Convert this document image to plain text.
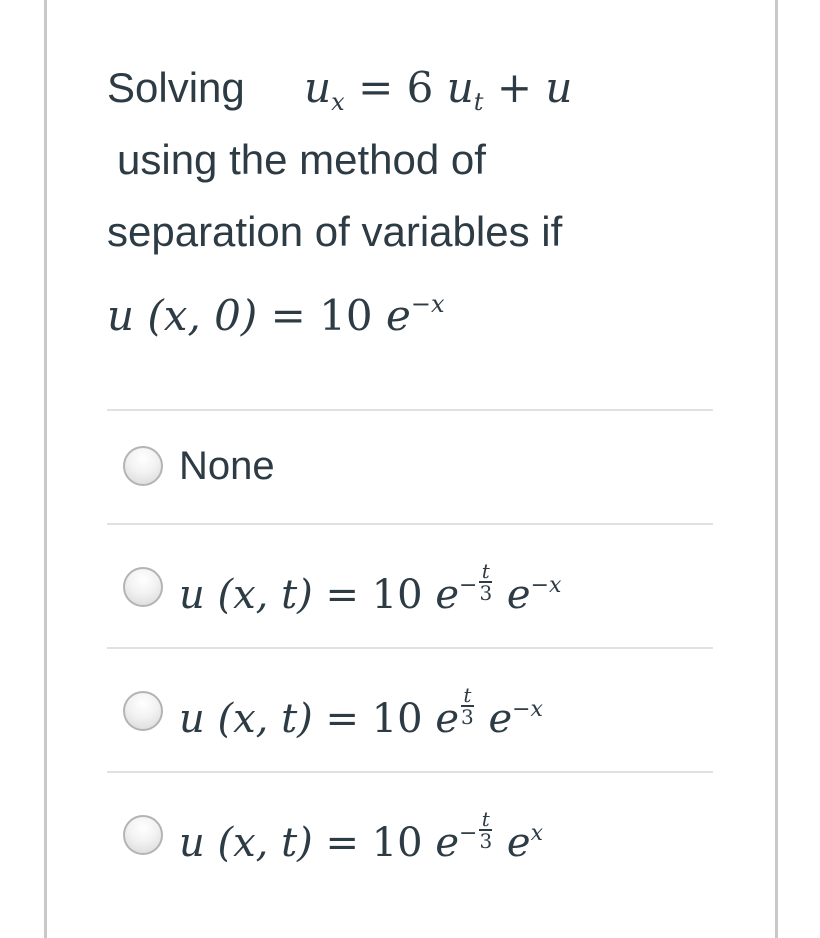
Solving $u_x = 6$ $u_t + u$
using the method of
separation of variables if
u (x, 0) = 10 $e^{-x}$
None
u (x, t) = 10 $e- \frac{t}{3} e^{-x}$
u (x, t) = 10 e $\frac{t}{3} e^{-x}$
u (x, t) = 10 $e- \frac{t}{3} e^x$
